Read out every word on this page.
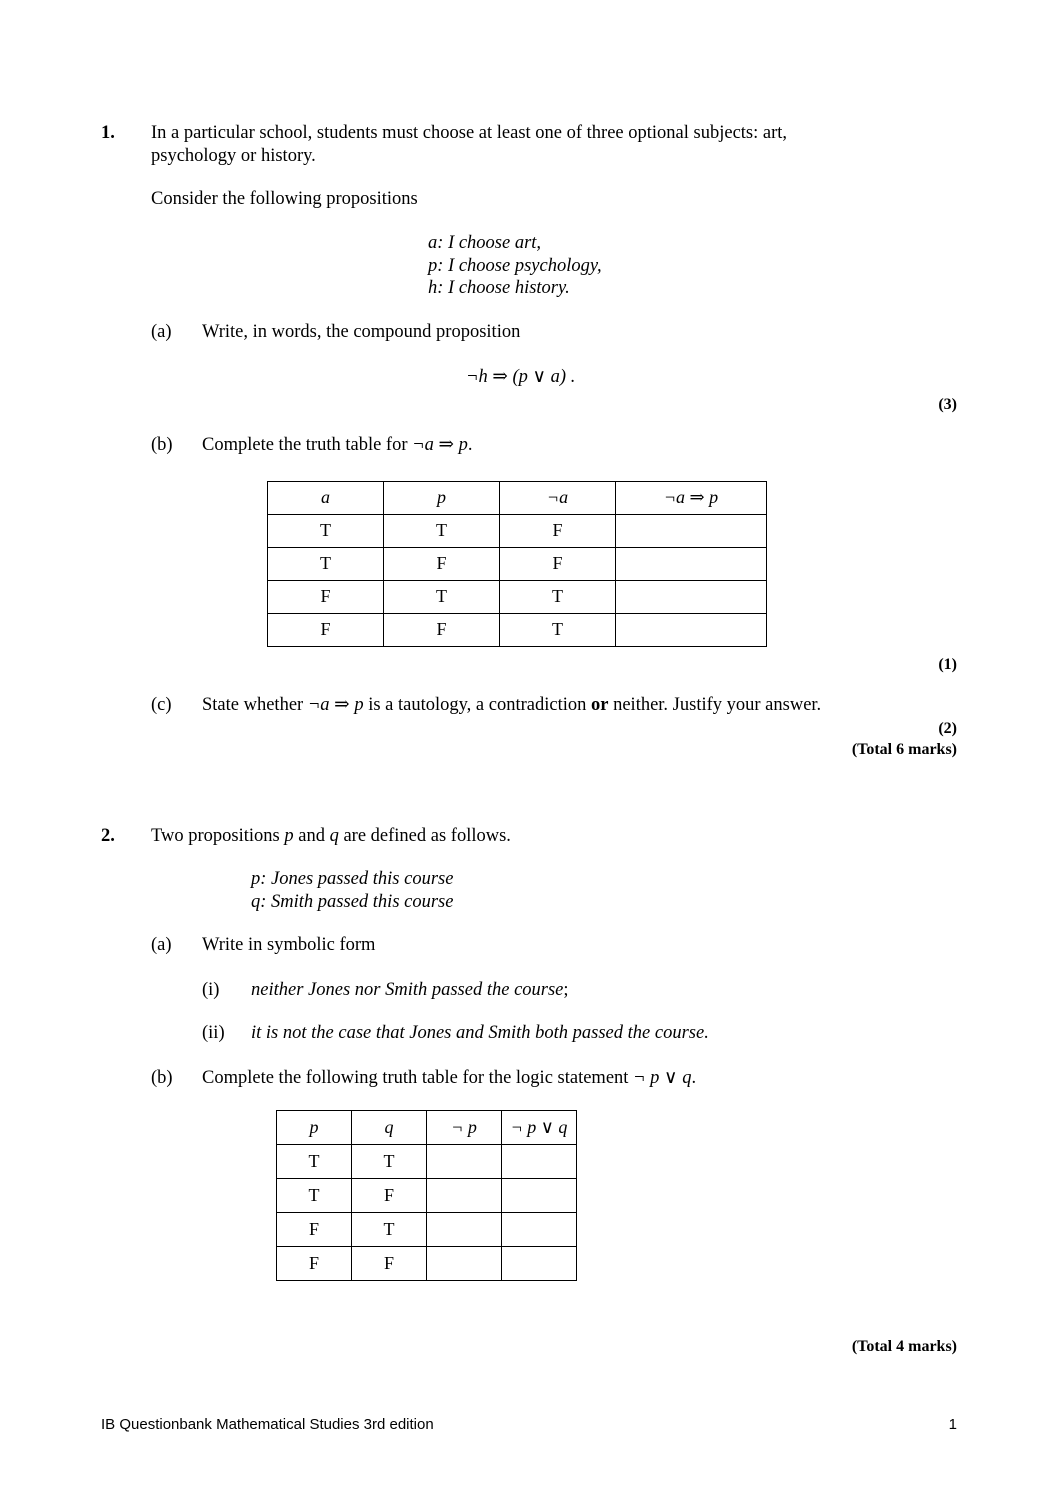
1. In a particular school, students must choose at least one of three optional subjects: art,
psychology or history.
Consider the following propositions
a: I choose art,
p: I choose psychology,
h: I choose history.
(a) Write, in words, the compound proposition
¬h ⇒ (p ∨ a) .
(3)
(b) Complete the truth table for ¬a ⇒ p.
a	p	¬a	¬a ⇒ p
T	T	F	
T	F	F	
F	T	T	
F	F	T	
(1)
(c) State whether ¬a ⇒ p is a tautology, a contradiction or neither. Justify your answer.
(2)
(Total 6 marks)
2. Two propositions p and q are defined as follows.
p: Jones passed this course
q: Smith passed this course
(a) Write in symbolic form
(i) neither Jones nor Smith passed the course;
(ii) it is not the case that Jones and Smith both passed the course.
(b) Complete the following truth table for the logic statement ¬ p ∨ q.
p	q	¬ p	¬ p ∨ q
T	T		
T	F		
F	T		
F	F		
(Total 4 marks)
IB Questionbank Mathematical Studies 3rd edition	1
